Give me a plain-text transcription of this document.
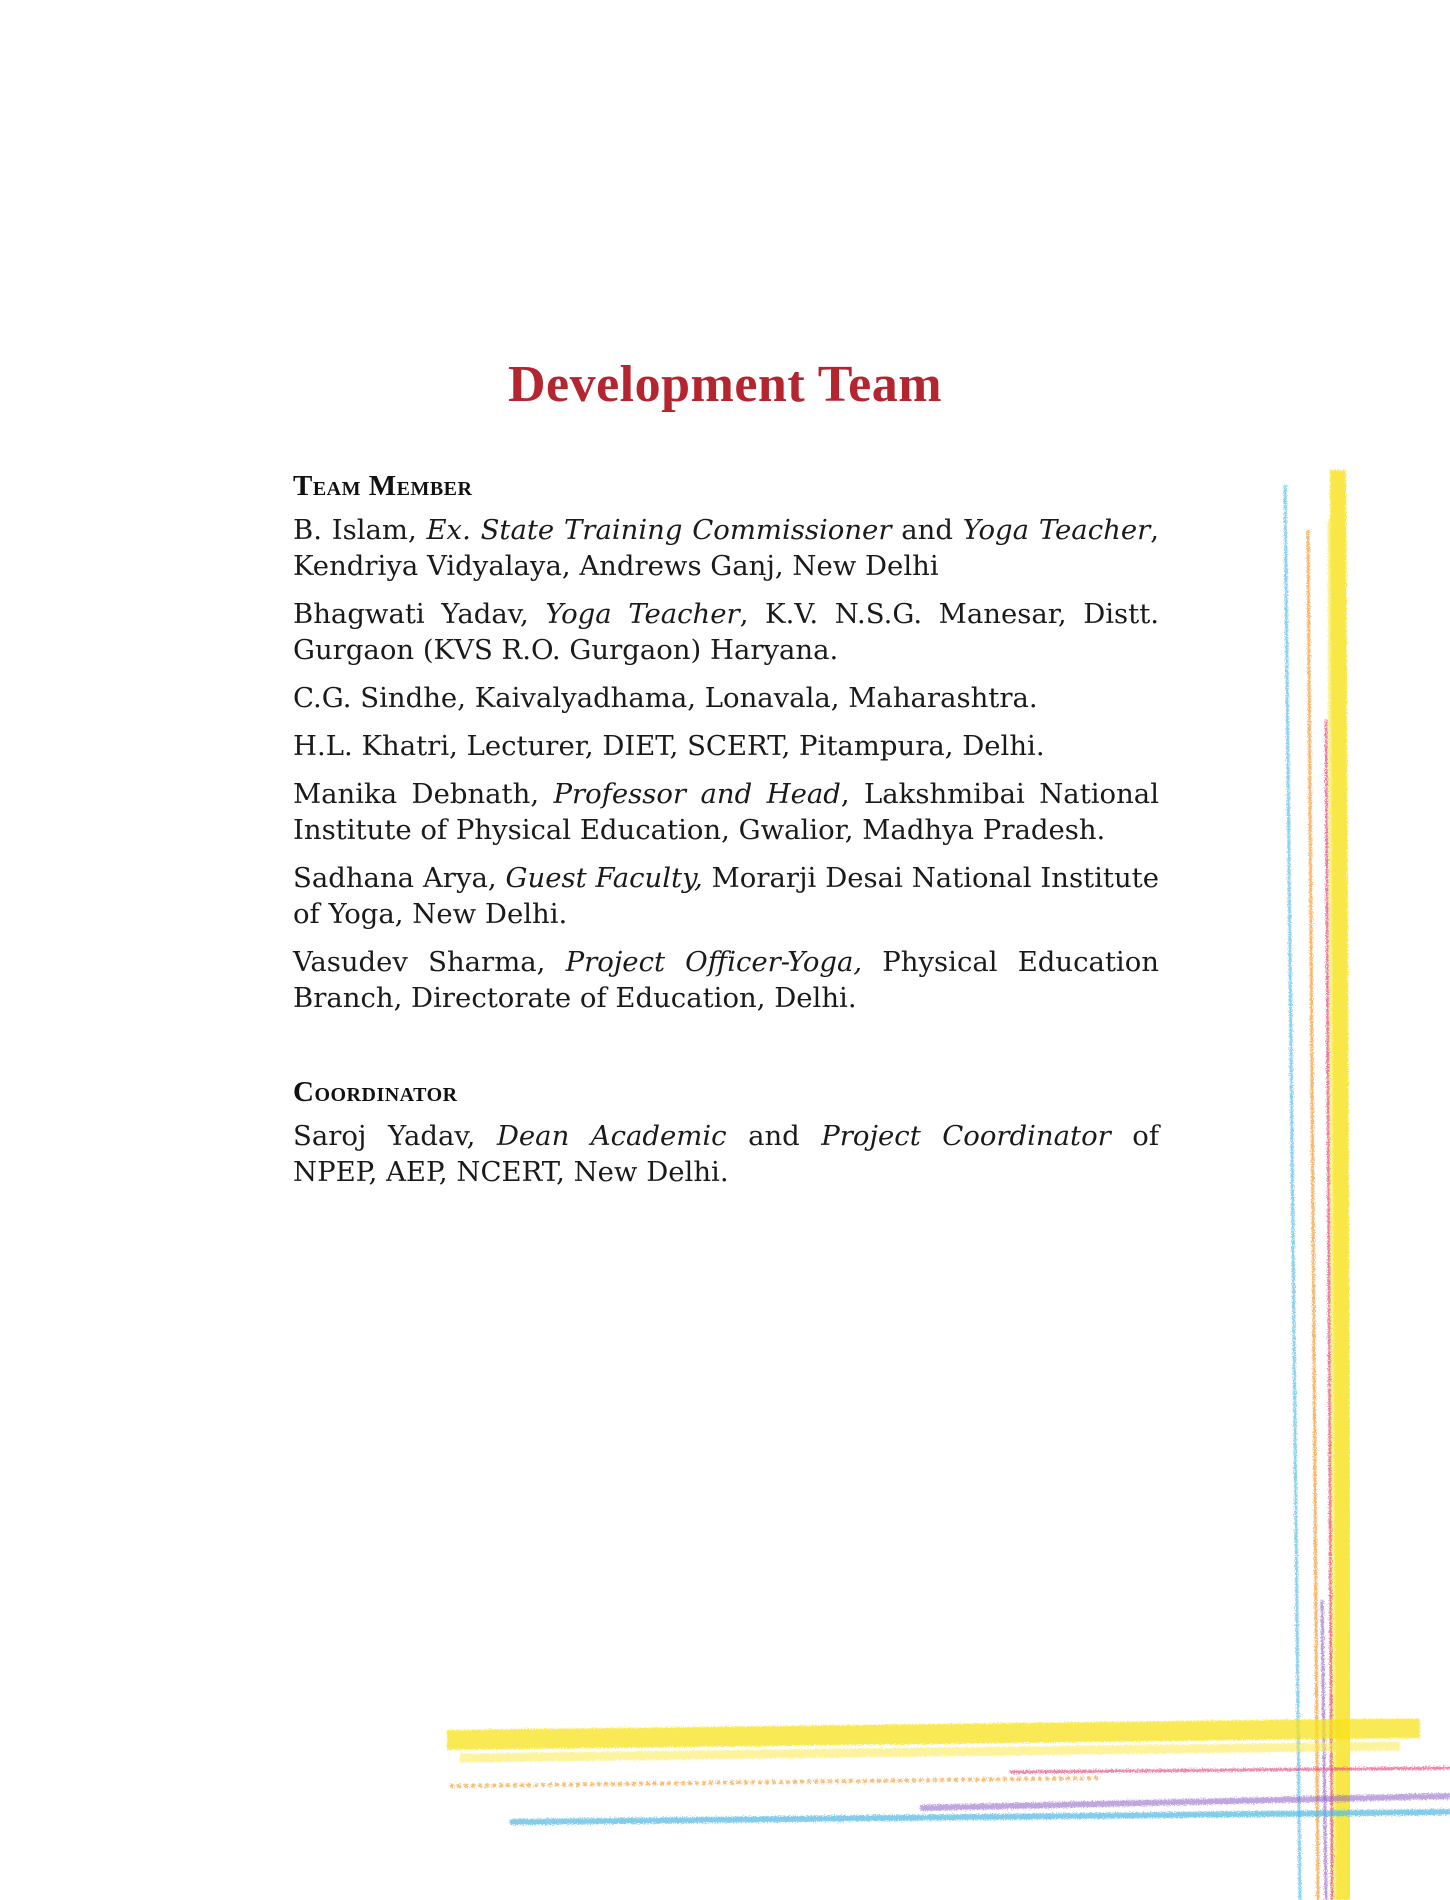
Development Team
Team Member

B. Islam, Ex. State Training Commissioner and Yoga Teacher, Kendriya Vidyalaya, Andrews Ganj, New Delhi

Bhagwati Yadav, Yoga Teacher, K.V. N.S.G. Manesar, Distt. Gurgaon (KVS R.O. Gurgaon) Haryana.

C.G. Sindhe, Kaivalyadhama, Lonavala, Maharashtra.

H.L. Khatri, Lecturer, DIET, SCERT, Pitampura, Delhi.

Manika Debnath, Professor and Head, Lakshmibai National Institute of Physical Education, Gwalior, Madhya Pradesh.

Sadhana Arya, Guest Faculty, Morarji Desai National Institute of Yoga, New Delhi.

Vasudev Sharma, Project Officer-Yoga, Physical Education Branch, Directorate of Education, Delhi.

Coordinator

Saroj Yadav, Dean Academic and Project Coordinator of NPEP, AEP, NCERT, New Delhi.
